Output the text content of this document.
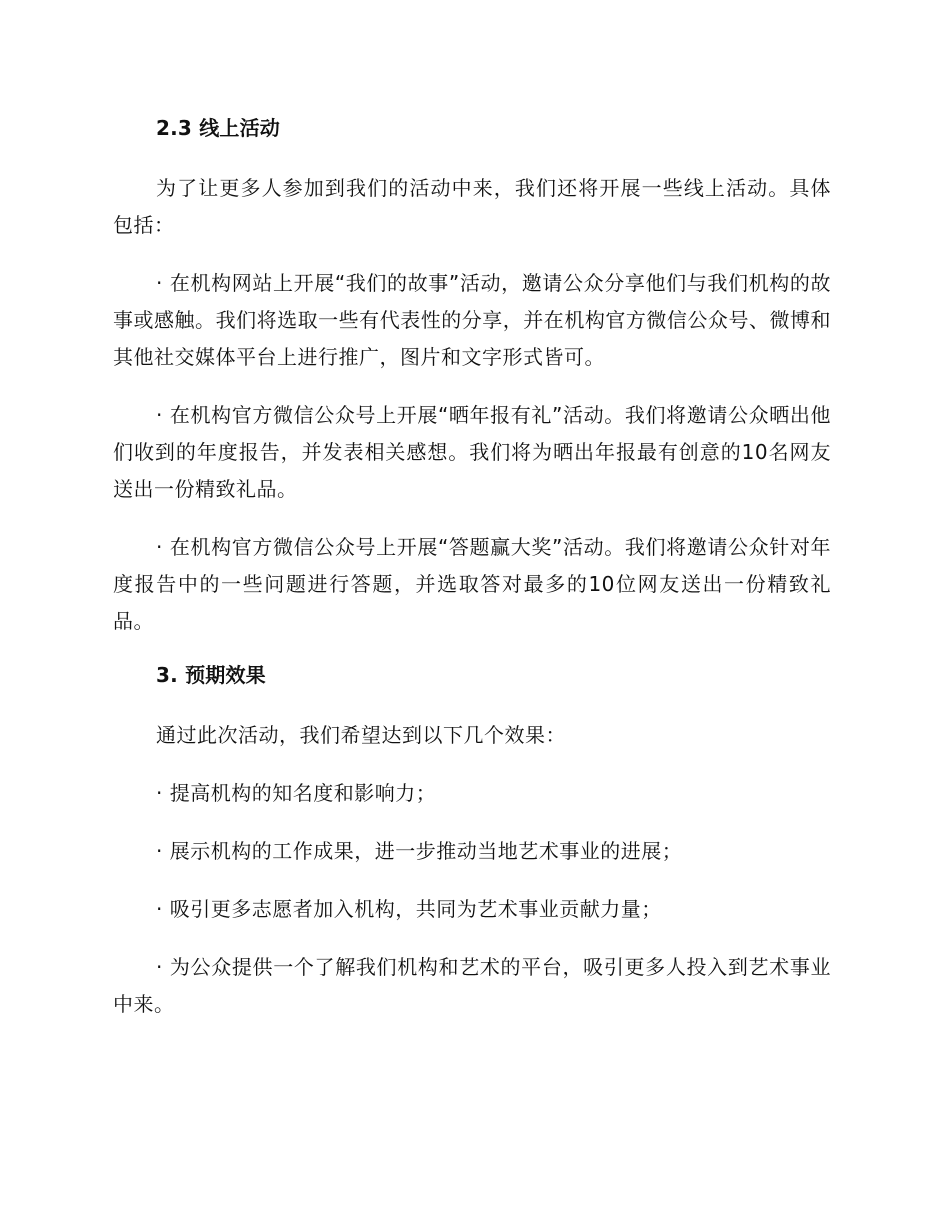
2.3 线上活动

为了让更多人参加到我们的活动中来，我们还将开展一些线上活动。具体包括：

· 在机构网站上开展“我们的故事”活动，邀请公众分享他们与我们机构的故事或感触。我们将选取一些有代表性的分享，并在机构官方微信公众号、微博和其他社交媒体平台上进行推广，图片和文字形式皆可。

· 在机构官方微信公众号上开展“晒年报有礼”活动。我们将邀请公众晒出他们收到的年度报告，并发表相关感想。我们将为晒出年报最有创意的10名网友送出一份精致礼品。

· 在机构官方微信公众号上开展“答题赢大奖”活动。我们将邀请公众针对年度报告中的一些问题进行答题，并选取答对最多的10位网友送出一份精致礼品。

3. 预期效果

通过此次活动，我们希望达到以下几个效果：

· 提高机构的知名度和影响力；

· 展示机构的工作成果，进一步推动当地艺术事业的进展；

· 吸引更多志愿者加入机构，共同为艺术事业贡献力量；

· 为公众提供一个了解我们机构和艺术的平台，吸引更多人投入到艺术事业中来。
